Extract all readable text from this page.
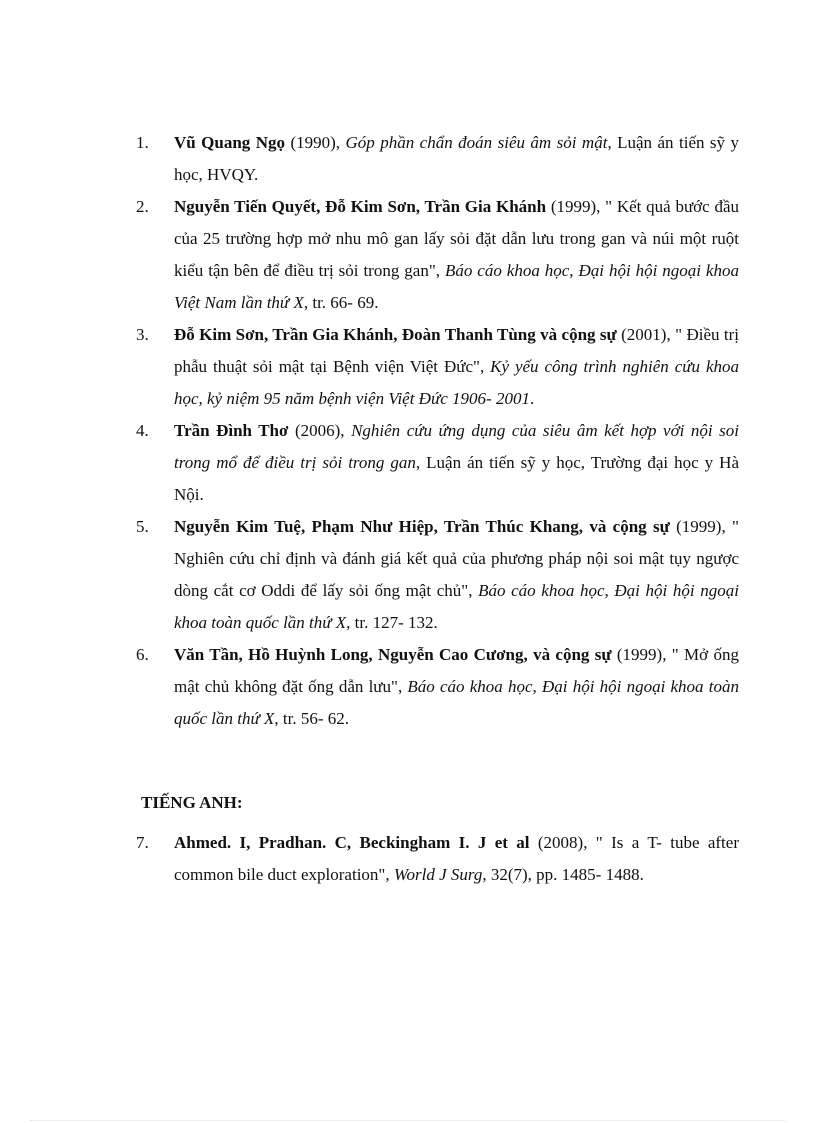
1. Vũ Quang Ngọ (1990), Góp phần chẩn đoán siêu âm sỏi mật, Luận án tiến sỹ y học, HVQY.
2. Nguyễn Tiến Quyết, Đỗ Kim Sơn, Trần Gia Khánh (1999), " Kết quả bước đầu của 25 trường hợp mở nhu mô gan lấy sỏi đặt dẫn lưu trong gan và núi một ruột kiểu tận bên để điều trị sỏi trong gan", Báo cáo khoa học, Đại hội hội ngoại khoa Việt Nam lần thứ X, tr. 66- 69.
3. Đỗ Kim Sơn, Trần Gia Khánh, Đoàn Thanh Tùng và cộng sự (2001), " Điều trị phẫu thuật sỏi mật tại Bệnh viện Việt Đức", Kỷ yếu công trình nghiên cứu khoa học, kỷ niệm 95 năm bệnh viện Việt Đức 1906- 2001.
4. Trần Đình Thơ (2006), Nghiên cứu ứng dụng của siêu âm kết hợp với nội soi trong mổ để điều trị sỏi trong gan, Luận án tiến sỹ y học, Trường đại học y Hà Nội.
5. Nguyễn Kim Tuệ, Phạm Như Hiệp, Trần Thúc Khang, và cộng sự (1999), " Nghiên cứu chỉ định và đánh giá kết quả của phương pháp nội soi mật tụy ngược dòng cắt cơ Oddi để lấy sỏi ống mật chủ", Báo cáo khoa học, Đại hội hội ngoại khoa toàn quốc lần thứ X, tr. 127- 132.
6. Văn Tần, Hồ Huỳnh Long, Nguyễn Cao Cương, và cộng sự (1999), " Mở ống mật chủ không đặt ống dẫn lưu", Báo cáo khoa học, Đại hội hội ngoại khoa toàn quốc lần thứ X, tr. 56- 62.
TIẾNG ANH:
7. Ahmed. I, Pradhan. C, Beckingham I. J et al (2008), " Is a T- tube after common bile duct exploration", World J Surg, 32(7), pp. 1485- 1488.
